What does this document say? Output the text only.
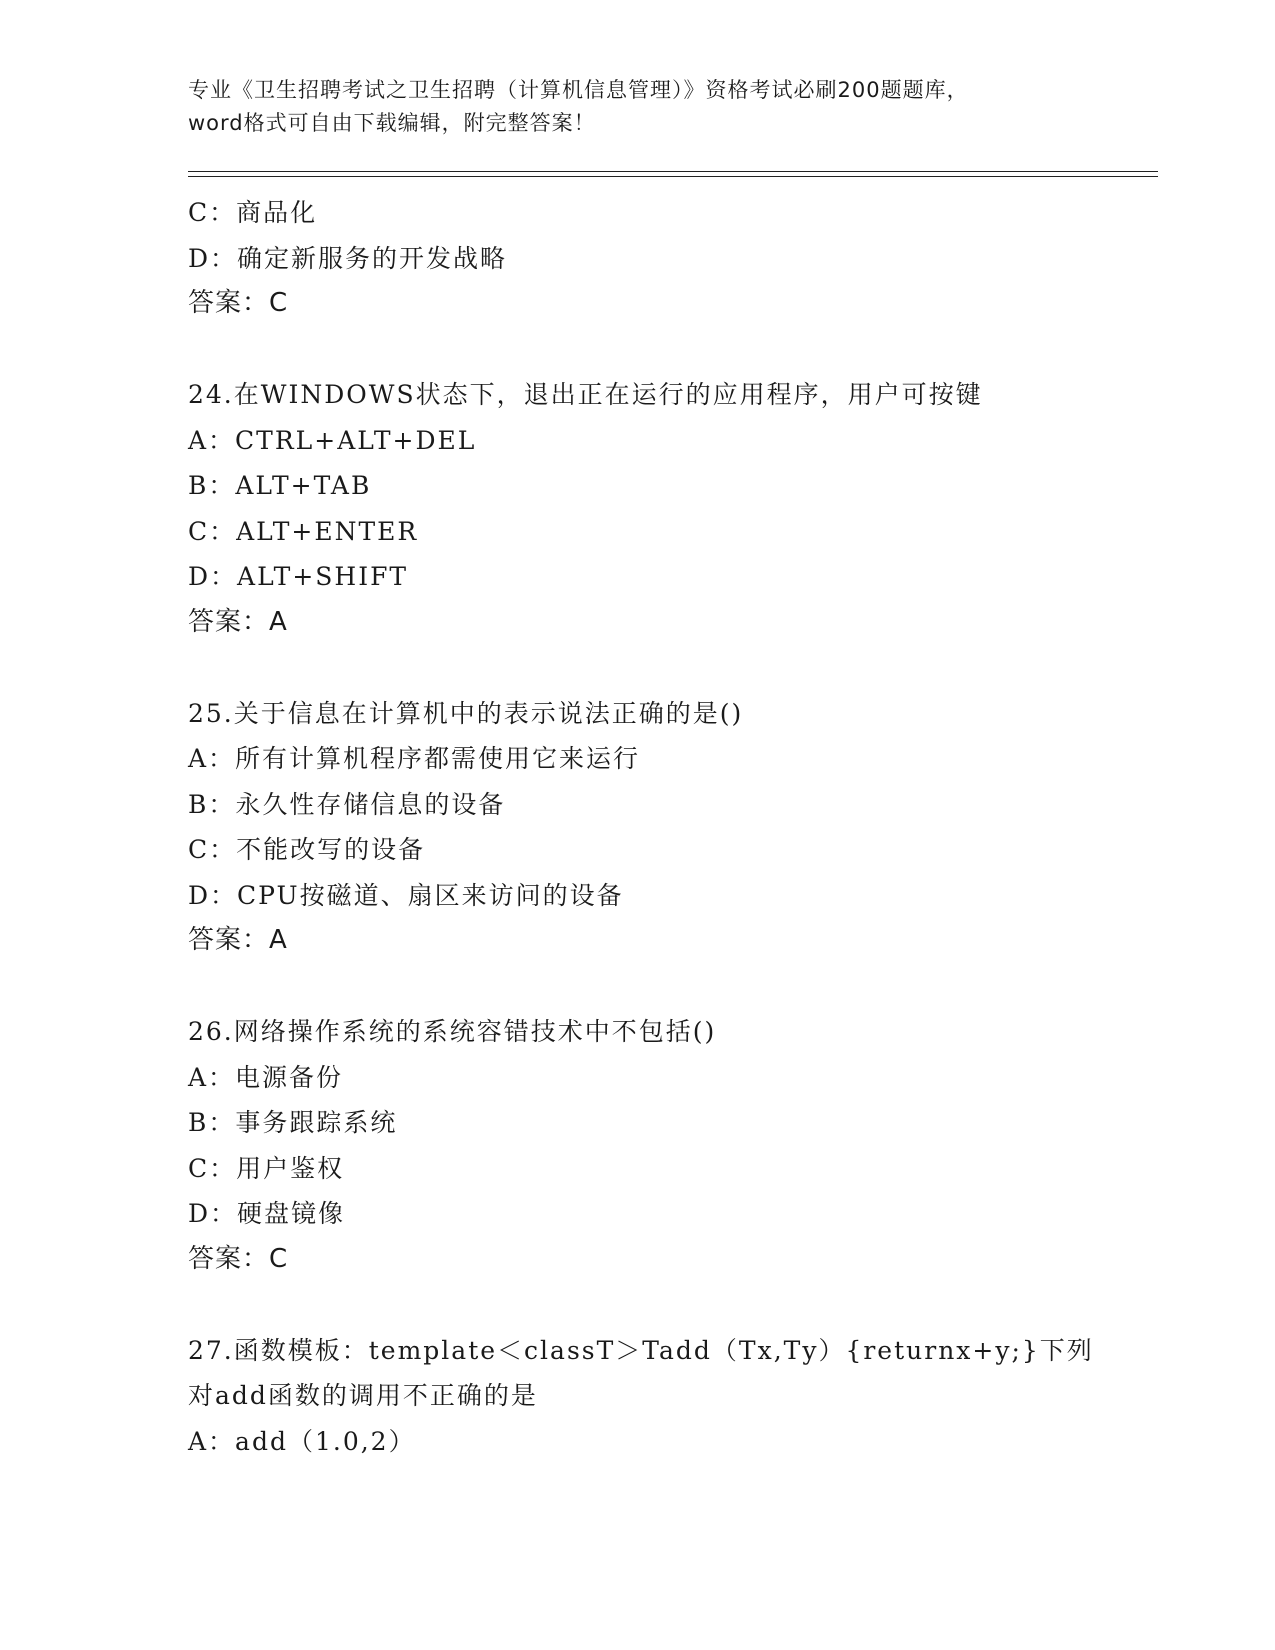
专业《卫生招聘考试之卫生招聘（计算机信息管理）》资格考试必刷200题题库，
word格式可自由下载编辑，附完整答案！
C：商品化
D：确定新服务的开发战略
答案：C
24.在WINDOWS状态下，退出正在运行的应用程序，用户可按键
A：CTRL+ALT+DEL
B：ALT+TAB
C：ALT+ENTER
D：ALT+SHIFT
答案：A
25.关于信息在计算机中的表示说法正确的是()
A：所有计算机程序都需使用它来运行
B：永久性存储信息的设备
C：不能改写的设备
D：CPU按磁道、扇区来访问的设备
答案：A
26.网络操作系统的系统容错技术中不包括()
A：电源备份
B：事务跟踪系统
C：用户鉴权
D：硬盘镜像
答案：C
27.函数模板：template＜classT＞Tadd（Tx,Ty）{returnx+y;}下列
对add函数的调用不正确的是
A：add（1.0,2）
